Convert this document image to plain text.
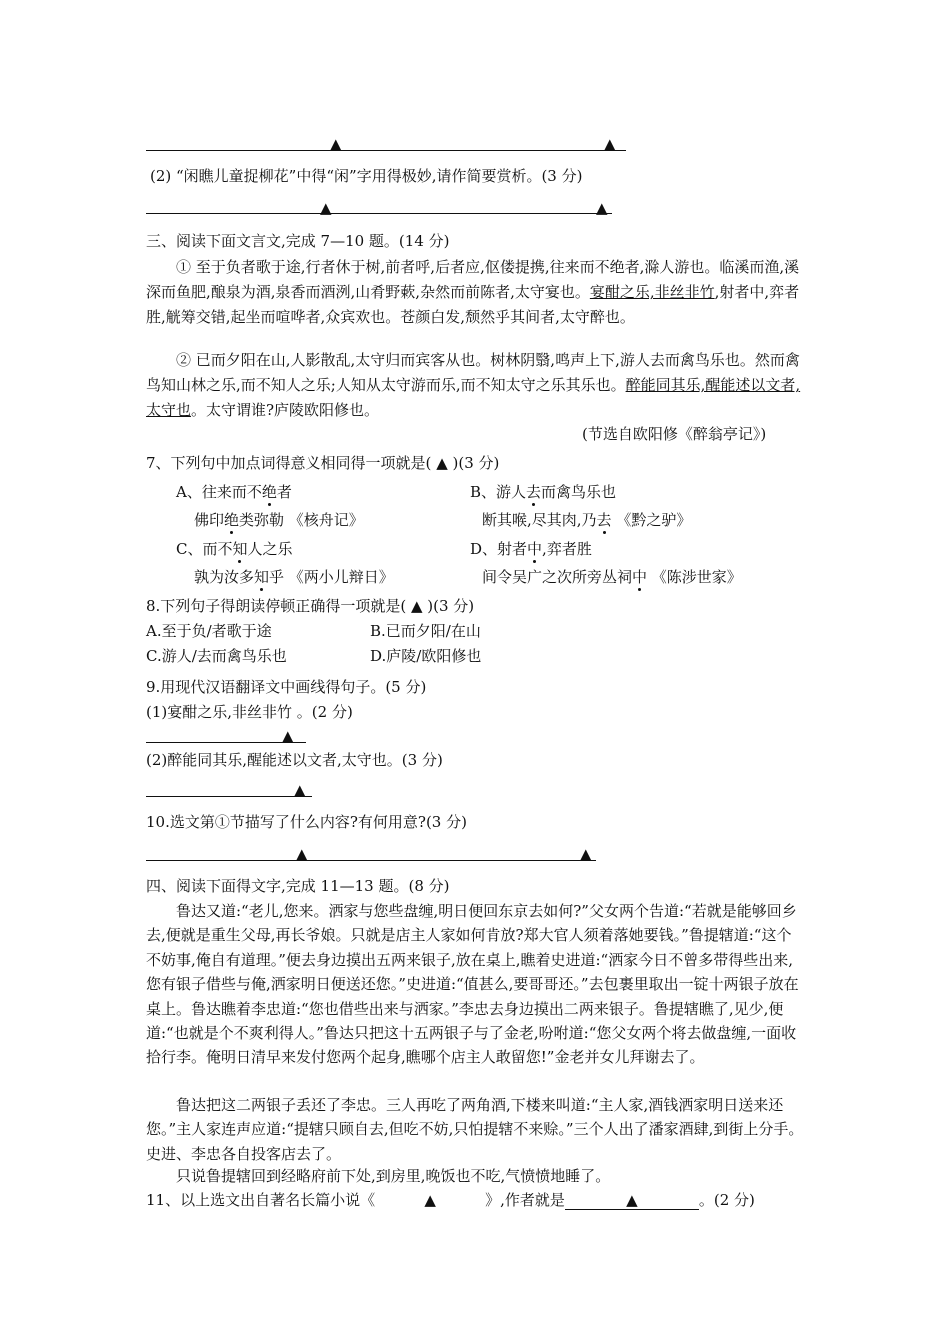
▲	▲
(2) “闲瞧儿童捉柳花”中得“闲”字用得极妙,请作简要赏析。(3 分)
▲	▲
三、阅读下面文言文,完成 7—10 题。(14 分)
① 至于负者歌于途,行者休于树,前者呼,后者应,伛偻提携,往来而不绝者,滁人游也。临溪而渔,溪深而鱼肥,酿泉为酒,泉香而酒洌,山肴野蔌,杂然而前陈者,太守宴也。宴酣之乐,非丝非竹,射者中,弈者胜,觥筹交错,起坐而喧哗者,众宾欢也。苍颜白发,颓然乎其间者,太守醉也。
② 已而夕阳在山,人影散乱,太守归而宾客从也。树林阴翳,鸣声上下,游人去而禽鸟乐也。然而禽鸟知山林之乐,而不知人之乐;人知从太守游而乐,而不知太守之乐其乐也。醉能同其乐,醒能述以文者,太守也。太守谓谁?庐陵欧阳修也。
(节选自欧阳修《醉翁亭记》)
7、下列句中加点词得意义相同得一项就是( ▲ )(3 分)
A、往来而不绝者
佛印绝类弥勒 《核舟记》
B、游人去而禽鸟乐也
断其喉,尽其肉,乃去 《黔之驴》
C、而不知人之乐
孰为汝多知乎 《两小儿辩日》
D、射者中,弈者胜
间令吴广之次所旁丛祠中 《陈涉世家》
8.下列句子得朗读停顿正确得一项就是( ▲ )(3 分)
A.至于负/者歌于途	B.已而夕阳/在山
C.游人/去而禽鸟乐也	D.庐陵/欧阳修也
9.用现代汉语翻译文中画线得句子。(5 分)
(1)宴酣之乐,非丝非竹 。(2 分)
▲
(2)醉能同其乐,醒能述以文者,太守也。(3 分)
▲
10.选文第①节描写了什么内容?有何用意?(3 分)
▲	▲
四、阅读下面得文字,完成 11—13 题。(8 分)
鲁达又道:“老儿,您来。洒家与您些盘缠,明日便回东京去如何?”父女两个告道:“若就是能够回乡去,便就是重生父母,再长爷娘。只就是店主人家如何肯放?郑大官人须着落她要钱。”鲁提辖道:“这个不妨事,俺自有道理。”便去身边摸出五两来银子,放在桌上,瞧着史进道:“洒家今日不曾多带得些出来,您有银子借些与俺,洒家明日便送还您。”史进道:“值甚么,要哥哥还。”去包裹里取出一锭十两银子放在桌上。鲁达瞧着李忠道:“您也借些出来与洒家。”李忠去身边摸出二两来银子。鲁提辖瞧了,见少,便道:“也就是个不爽利得人。”鲁达只把这十五两银子与了金老,吩咐道:“您父女两个将去做盘缠,一面收拾行李。俺明日清早来发付您两个起身,瞧哪个店主人敢留您!”金老并女儿拜谢去了。
鲁达把这二两银子丢还了李忠。三人再吃了两角酒,下楼来叫道:“主人家,酒钱洒家明日送来还您。”主人家连声应道:“提辖只顾自去,但吃不妨,只怕提辖不来赊。”三个人出了潘家酒肆,到街上分手。史进、李忠各自投客店去了。
只说鲁提辖回到经略府前下处,到房里,晚饭也不吃,气愤愤地睡了。
11、以上选文出自著名长篇小说《	▲	》,作者就是	▲	。(2 分)
